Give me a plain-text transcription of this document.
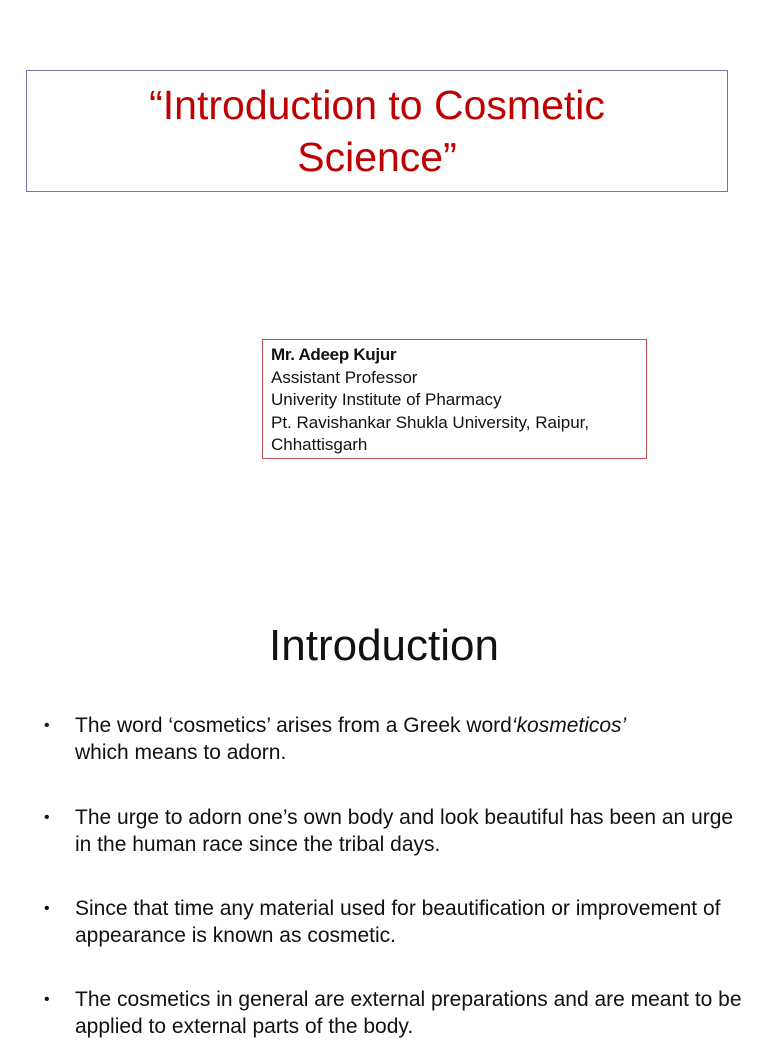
“Introduction to Cosmetic
Science”
Mr. Adeep Kujur
Assistant Professor
Univerity Institute of Pharmacy
Pt. Ravishankar Shukla University, Raipur,
Chhattisgarh
Introduction
• The word ‘cosmetics’ arises from a Greek word‘kosmeticos’
which means to adorn.
• The urge to adorn one’s own body and look beautiful has been an urge in the human race since the tribal days.
• Since that time any material used for beautification or improvement of appearance is known as cosmetic.
• The cosmetics in general are external preparations and are meant to be applied to external parts of the body.
